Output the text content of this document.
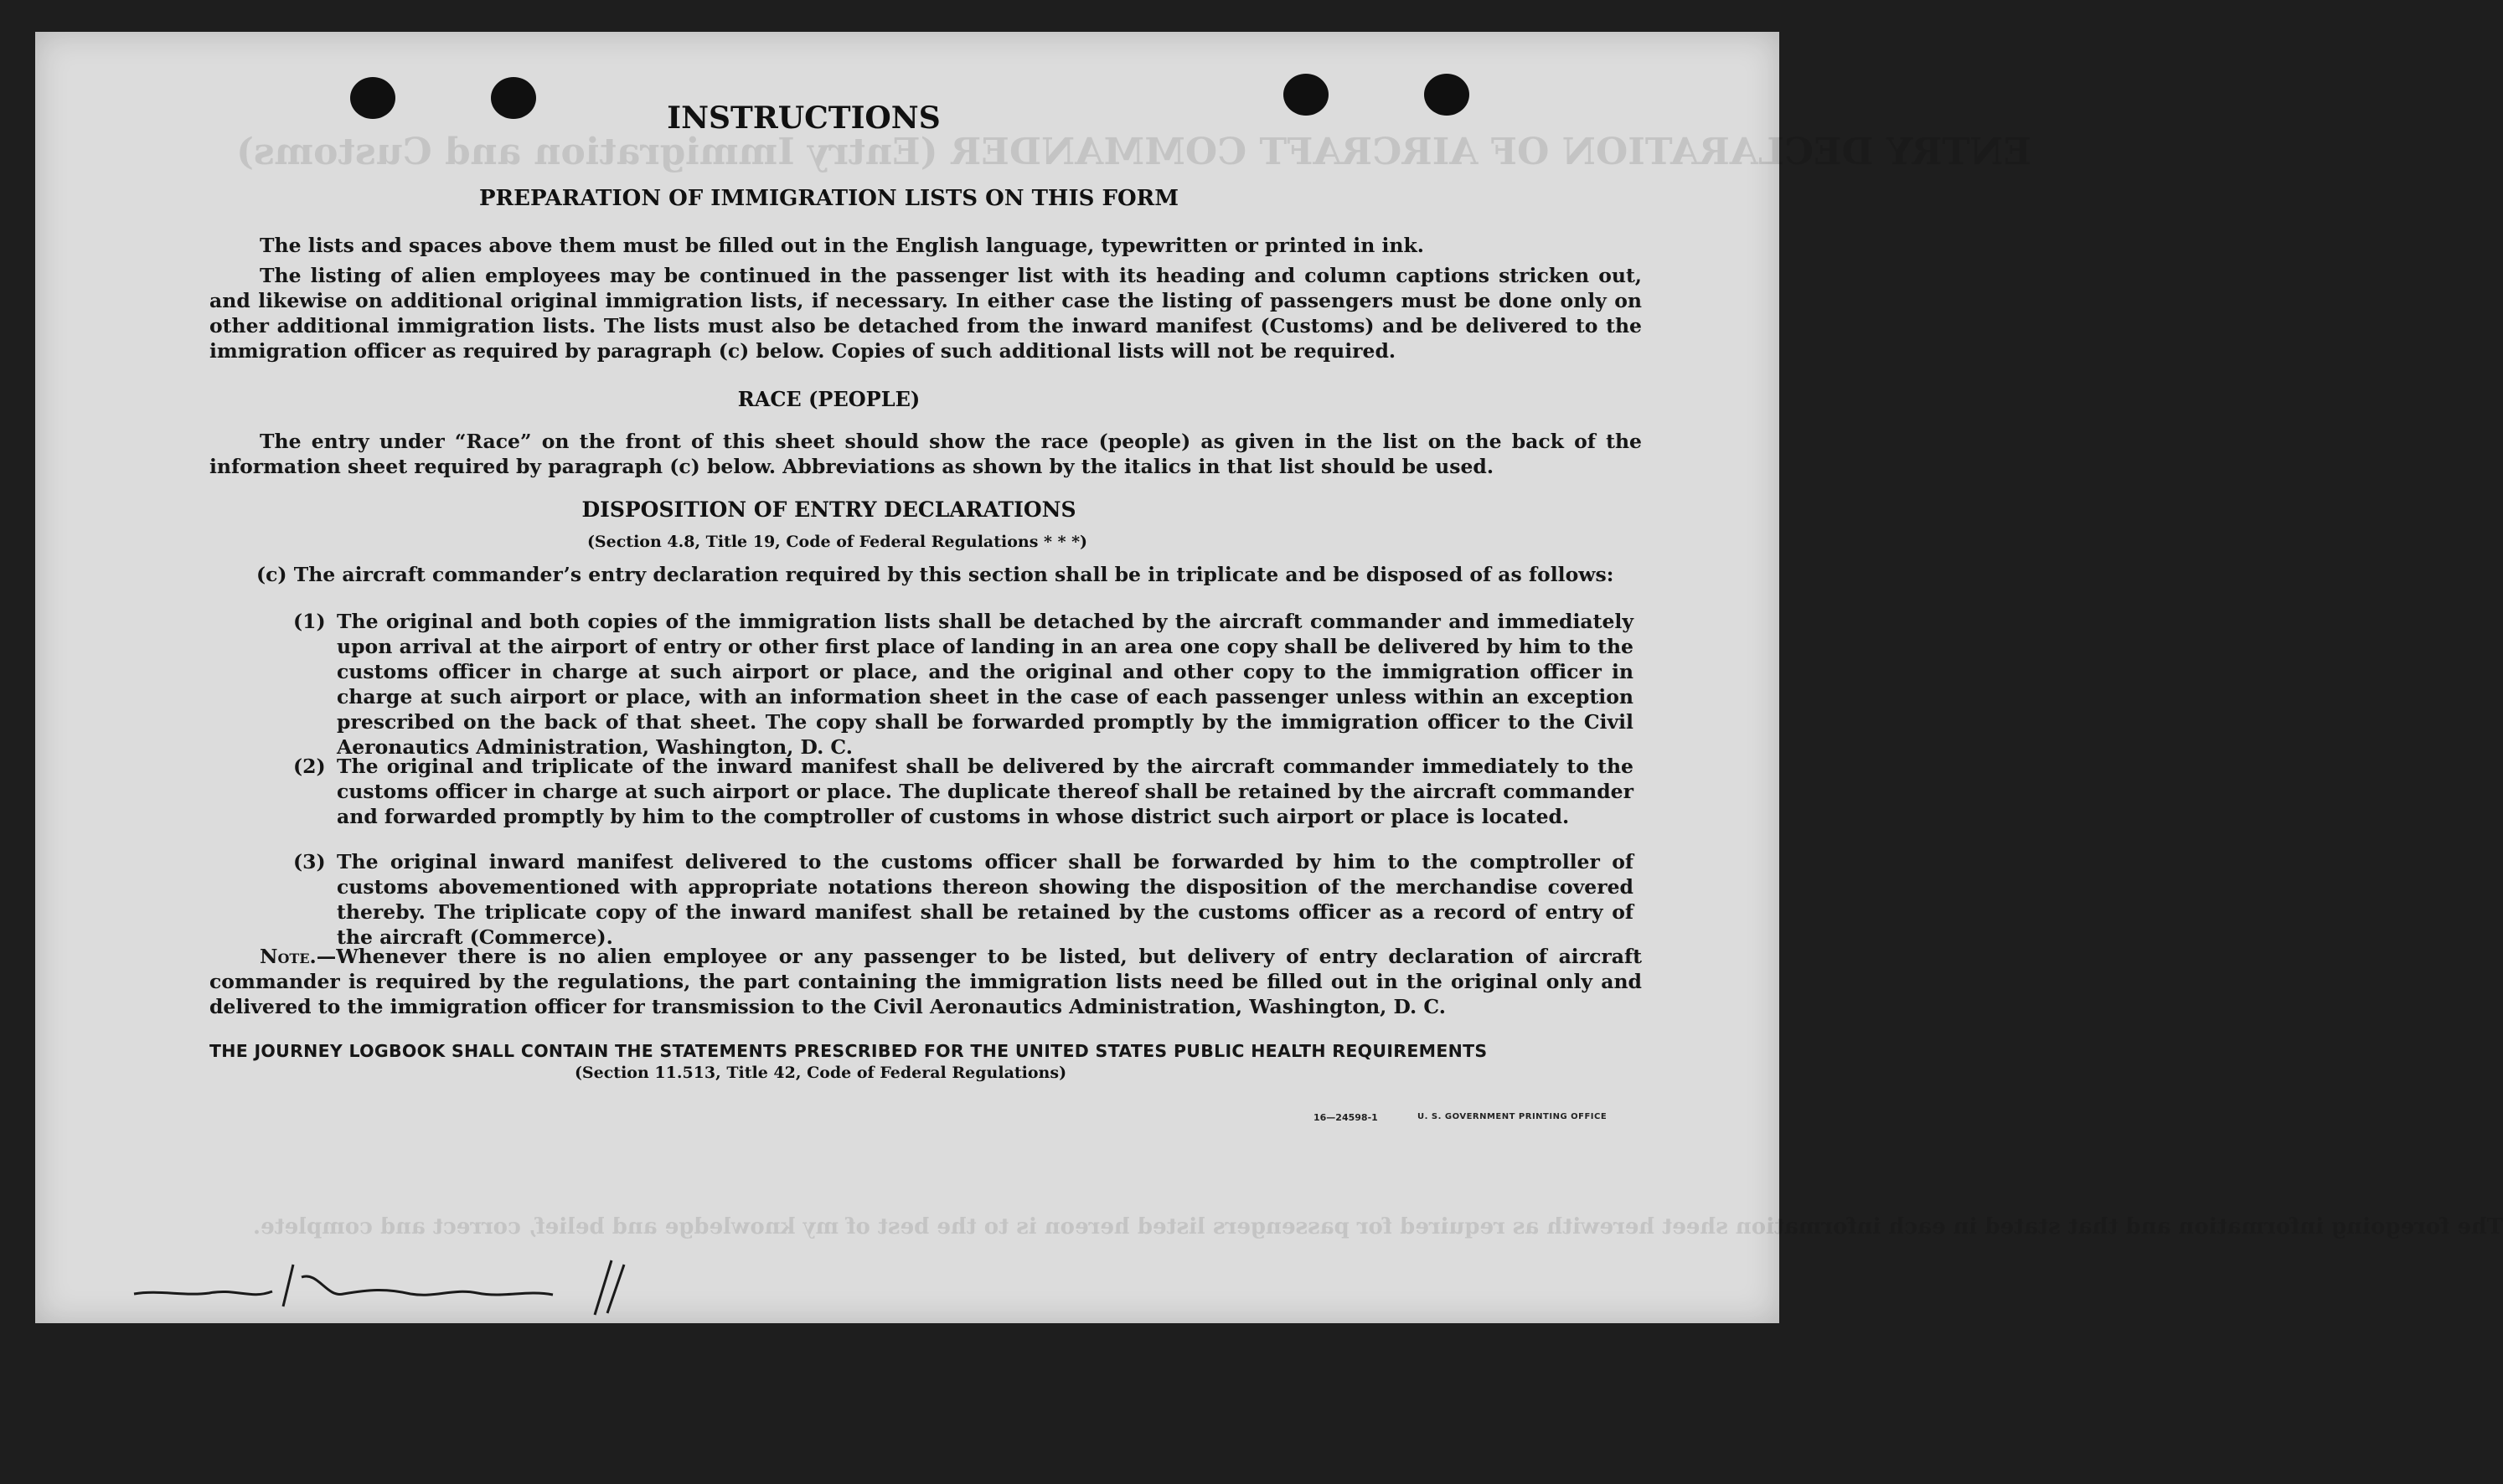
ENTRY DECLARATION OF AIRCRAFT COMMANDER (Entry Immigration and Customs)
The foregoing information and that stated in each information sheet herewith as required for passengers listed hereon is to the best of my knowledge and belief, correct and complete.
INSTRUCTIONS
PREPARATION OF IMMIGRATION LISTS ON THIS FORM

The lists and spaces above them must be filled out in the English language, typewritten or printed in ink.

The listing of alien employees may be continued in the passenger list with its heading and column captions stricken out, and likewise on additional original immigration lists, if necessary. In either case the listing of passengers must be done only on other additional immigration lists. The lists must also be detached from the inward manifest (Customs) and be delivered to the immigration officer as required by paragraph (c) below. Copies of such additional lists will not be required.

RACE (PEOPLE)

The entry under “Race” on the front of this sheet should show the race (people) as given in the list on the back of the information sheet required by paragraph (c) below. Abbreviations as shown by the italics in that list should be used.

DISPOSITION OF ENTRY DECLARATIONS
(Section 4.8, Title 19, Code of Federal Regulations * * *)

(c) The aircraft commander’s entry declaration required by this section shall be in triplicate and be disposed of as follows:

(1) The original and both copies of the immigration lists shall be detached by the aircraft commander and immediately upon arrival at the airport of entry or other first place of landing in an area one copy shall be delivered by him to the customs officer in charge at such airport or place, and the original and other copy to the immigration officer in charge at such airport or place, with an information sheet in the case of each passenger unless within an exception prescribed on the back of that sheet. The copy shall be forwarded promptly by the immigration officer to the Civil Aeronautics Administration, Washington, D. C.

(2) The original and triplicate of the inward manifest shall be delivered by the aircraft commander immediately to the customs officer in charge at such airport or place. The duplicate thereof shall be retained by the aircraft commander and forwarded promptly by him to the comptroller of customs in whose district such airport or place is located.

(3) The original inward manifest delivered to the customs officer shall be forwarded by him to the comptroller of customs abovementioned with appropriate notations thereon showing the disposition of the merchandise covered thereby. The triplicate copy of the inward manifest shall be retained by the customs officer as a record of entry of the aircraft (Commerce).

Note.—Whenever there is no alien employee or any passenger to be listed, but delivery of entry declaration of aircraft commander is required by the regulations, the part containing the immigration lists need be filled out in the original only and delivered to the immigration officer for transmission to the Civil Aeronautics Administration, Washington, D. C.

THE JOURNEY LOGBOOK SHALL CONTAIN THE STATEMENTS PRESCRIBED FOR THE UNITED STATES PUBLIC HEALTH REQUIREMENTS
(Section 11.513, Title 42, Code of Federal Regulations)
16—24598-1	U. S. GOVERNMENT PRINTING OFFICE
